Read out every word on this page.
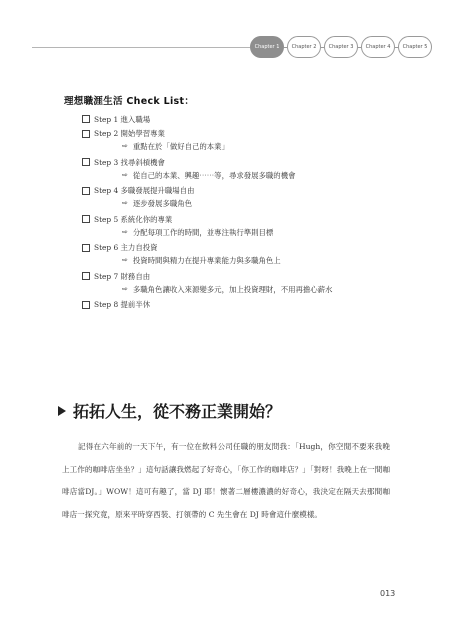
Chapter 1	Chapter 2	Chapter 3	Chapter 4	Chapter 5
理想職涯生活 Check List：
Step 1 進入職場
Step 2 開始學習專業
⇨ 重點在於「做好自己的本業」
Step 3 找尋斜槓機會
⇨ 從自己的本業、興趣⋯⋯等，尋求發展多職的機會
Step 4 多職發展提升職場自由
⇨ 逐步發展多職角色
Step 5 系統化你的專業
⇨ 分配每項工作的時間，並專注執行準則目標
Step 6 主力自投資
⇨ 投資時間與精力在提升專業能力與多職角色上
Step 7 財務自由
⇨ 多職角色讓收入來源變多元，加上投資理財，不用再擔心薪水
Step 8 提前半休
拓拓人生，從不務正業開始？

記得在六年前的一天下午，有一位在飲料公司任職的朋友問我：「Hugh，你空閒不要來我晚上工作的咖啡店坐坐？」這句話讓我燃起了好奇心，「你工作的咖啡店？」「對呀！我晚上在一間咖啡店當DJ。」WOW！這可有趣了，當 DJ 耶！懷著二層樓濃濃的好奇心，我決定在隔天去那間咖啡店一探究竟，原來平時穿西裝、打領帶的 C 先生會在 DJ 時會這什麼模樣。

013
